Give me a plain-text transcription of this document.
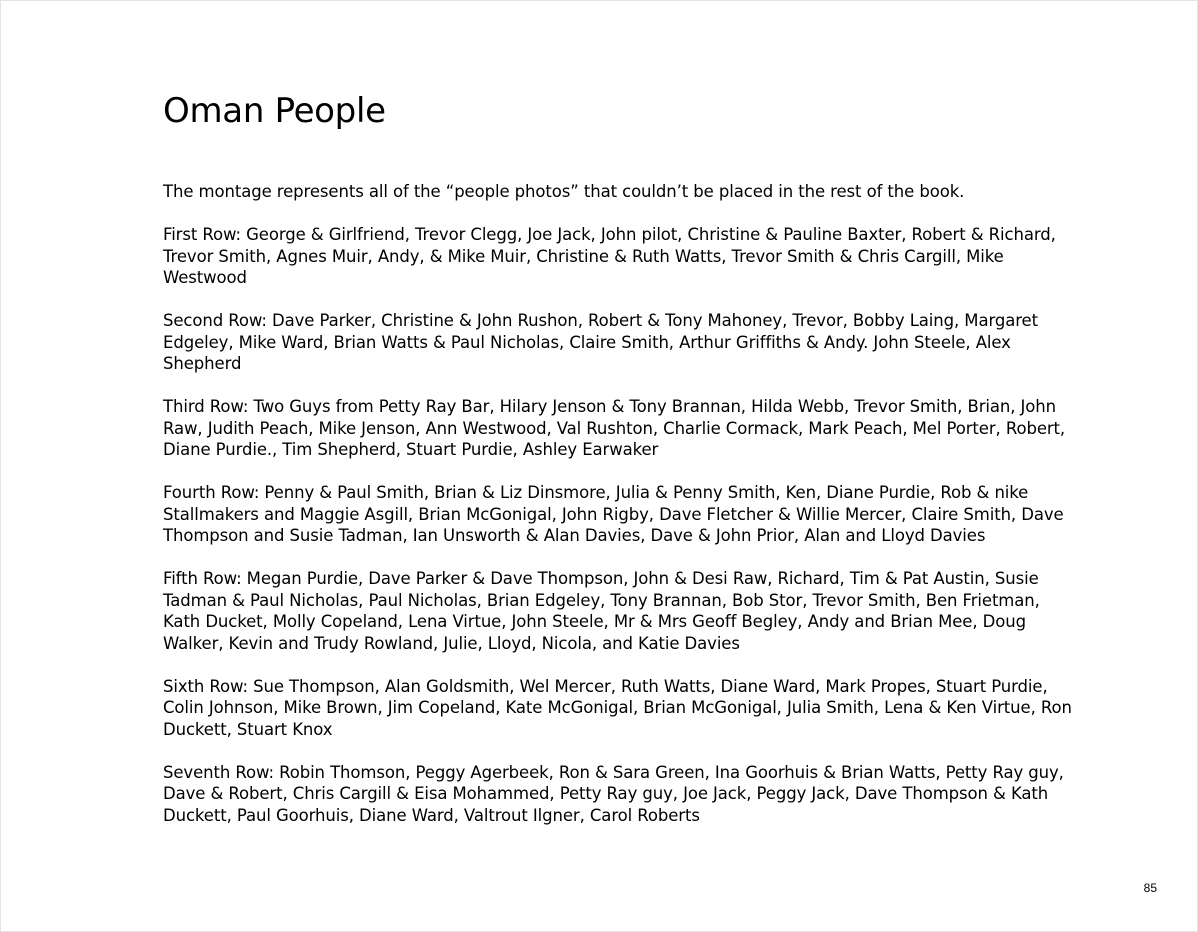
Oman People

The montage represents all of the “people photos” that couldn’t be placed in the rest of the book.

First Row: George & Girlfriend, Trevor Clegg, Joe Jack, John pilot, Christine & Pauline Baxter, Robert & Richard, Trevor Smith, Agnes Muir, Andy, & Mike Muir, Christine & Ruth Watts, Trevor Smith & Chris Cargill, Mike Westwood

Second Row: Dave Parker, Christine & John Rushon, Robert & Tony Mahoney, Trevor, Bobby Laing, Margaret Edgeley, Mike Ward, Brian Watts & Paul Nicholas, Claire Smith, Arthur Griffiths & Andy. John Steele, Alex Shepherd

Third Row: Two Guys from Petty Ray Bar, Hilary Jenson & Tony Brannan, Hilda Webb, Trevor Smith, Brian, John Raw, Judith Peach, Mike Jenson, Ann Westwood, Val Rushton, Charlie Cormack, Mark Peach, Mel Porter, Robert, Diane Purdie., Tim Shepherd, Stuart Purdie, Ashley Earwaker

Fourth Row: Penny & Paul Smith, Brian & Liz Dinsmore, Julia & Penny Smith, Ken, Diane Purdie, Rob & nike Stallmakers and Maggie Asgill, Brian McGonigal, John Rigby, Dave Fletcher & Willie Mercer, Claire Smith, Dave Thompson and Susie Tadman, Ian Unsworth & Alan Davies, Dave & John Prior, Alan and Lloyd Davies

Fifth Row: Megan Purdie, Dave Parker & Dave Thompson, John & Desi Raw, Richard, Tim & Pat Austin, Susie Tadman & Paul Nicholas, Paul Nicholas, Brian Edgeley, Tony Brannan, Bob Stor, Trevor Smith, Ben Frietman, Kath Ducket, Molly Copeland, Lena Virtue, John Steele, Mr & Mrs Geoff Begley, Andy and Brian Mee, Doug Walker, Kevin and Trudy Rowland, Julie, Lloyd, Nicola, and Katie Davies

Sixth Row: Sue Thompson, Alan Goldsmith, Wel Mercer, Ruth Watts, Diane Ward, Mark Propes, Stuart Purdie, Colin Johnson, Mike Brown, Jim Copeland, Kate McGonigal, Brian McGonigal, Julia Smith, Lena & Ken Virtue, Ron Duckett, Stuart Knox

Seventh Row: Robin Thomson, Peggy Agerbeek, Ron & Sara Green, Ina Goorhuis & Brian Watts, Petty Ray guy, Dave & Robert, Chris Cargill & Eisa Mohammed, Petty Ray guy, Joe Jack, Peggy Jack, Dave Thompson & Kath Duckett, Paul Goorhuis, Diane Ward, Valtrout Ilgner, Carol Roberts

85
